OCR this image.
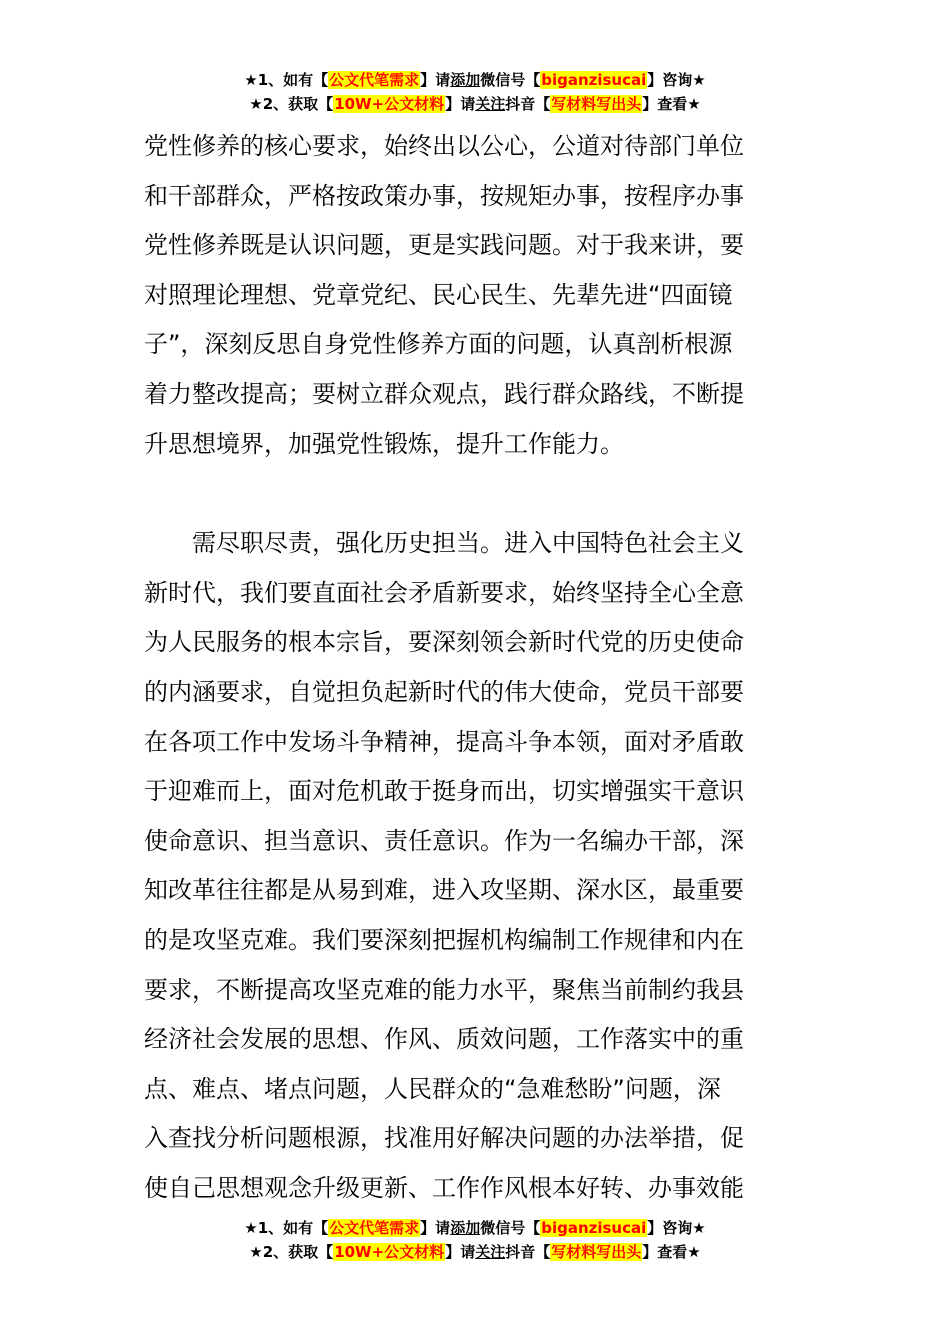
★1、如有【公文代笔需求】请添加微信号【biganzisucai】咨询★
★2、获取【10W+公文材料】请关注抖音【写材料写出头】查看★
党性修养的核心要求，始终出以公心，公道对待部门单位
和干部群众，严格按政策办事，按规矩办事，按程序办事
党性修养既是认识问题，更是实践问题。对于我来讲，要
对照理论理想、党章党纪、民心民生、先辈先进“四面镜
子”，深刻反思自身党性修养方面的问题，认真剖析根源
着力整改提高；要树立群众观点，践行群众路线，不断提
升思想境界，加强党性锻炼，提升工作能力。
需尽职尽责，强化历史担当。进入中国特色社会主义
新时代，我们要直面社会矛盾新要求，始终坚持全心全意
为人民服务的根本宗旨，要深刻领会新时代党的历史使命
的内涵要求，自觉担负起新时代的伟大使命，党员干部要
在各项工作中发场斗争精神，提高斗争本领，面对矛盾敢
于迎难而上，面对危机敢于挺身而出，切实增强实干意识
使命意识、担当意识、责任意识。作为一名编办干部，深
知改革往往都是从易到难，进入攻坚期、深水区，最重要
的是攻坚克难。我们要深刻把握机构编制工作规律和内在
要求，不断提高攻坚克难的能力水平，聚焦当前制约我县
经济社会发展的思想、作风、质效问题，工作落实中的重
点、难点、堵点问题，人民群众的“急难愁盼”问题，深
入查找分析问题根源，找准用好解决问题的办法举措，促
使自己思想观念升级更新、工作作风根本好转、办事效能
★1、如有【公文代笔需求】请添加微信号【biganzisucai】咨询★
★2、获取【10W+公文材料】请关注抖音【写材料写出头】查看★
